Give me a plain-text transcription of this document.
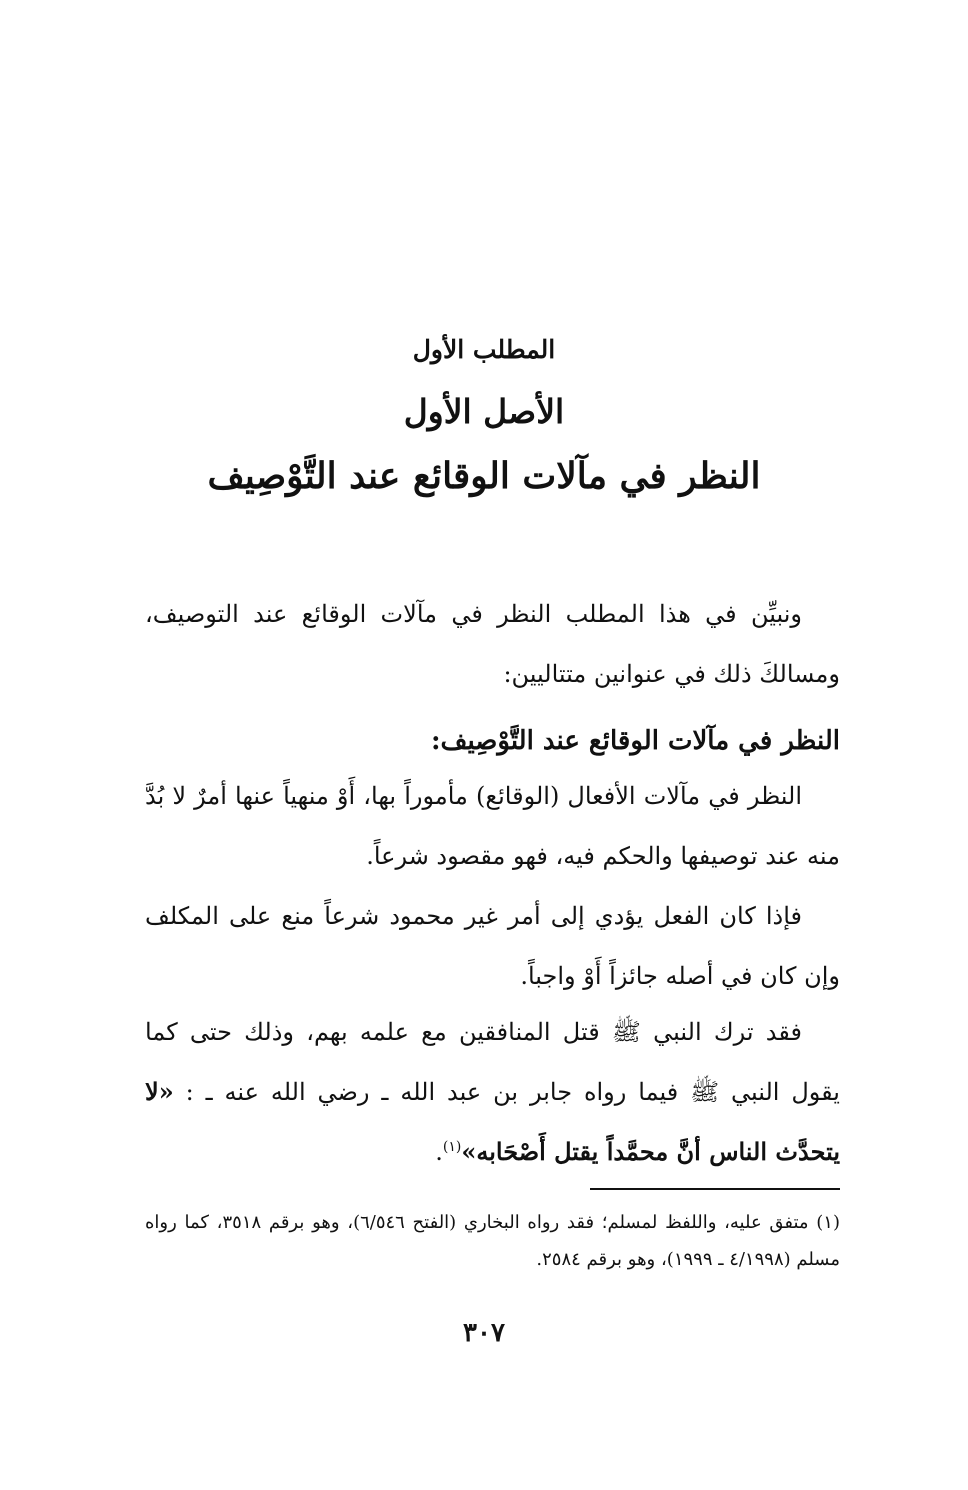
المطلب الأول
الأصل الأول
النظر في مآلات الوقائع عند التَّوْصِيف
ونبيِّن في هذا المطلب النظر في مآلات الوقائع عند التوصيف، ومسالكَ ذلك في عنوانين متتاليين:
النظر في مآلات الوقائع عند التَّوْصِيف:
النظر في مآلات الأفعال (الوقائع) مأموراً بها، أَوْ منهياً عنها أمرٌ لا بُدَّ منه عند توصيفها والحكم فيه، فهو مقصود شرعاً.
فإذا كان الفعل يؤدي إلى أمر غير محمود شرعاً منع على المكلف وإن كان في أصله جائزاً أَوْ واجباً.
فقد ترك النبي ﷺ قتل المنافقين مع علمه بهم، وذلك حتى كما يقول النبي ﷺ فيما رواه جابر بن عبد الله ـ رضي الله عنه ـ : «لا يتحدَّث الناس أنَّ محمَّداً يقتل أَصْحَابه»$^{(١)}$.
(١) متفق عليه، واللفظ لمسلم؛ فقد رواه البخاري (الفتح ٦/٥٤٦)، وهو برقم ٣٥١٨، كما رواه مسلم (٤/١٩٩٨ ـ ١٩٩٩)، وهو برقم ٢٥٨٤.
٣٠٧
